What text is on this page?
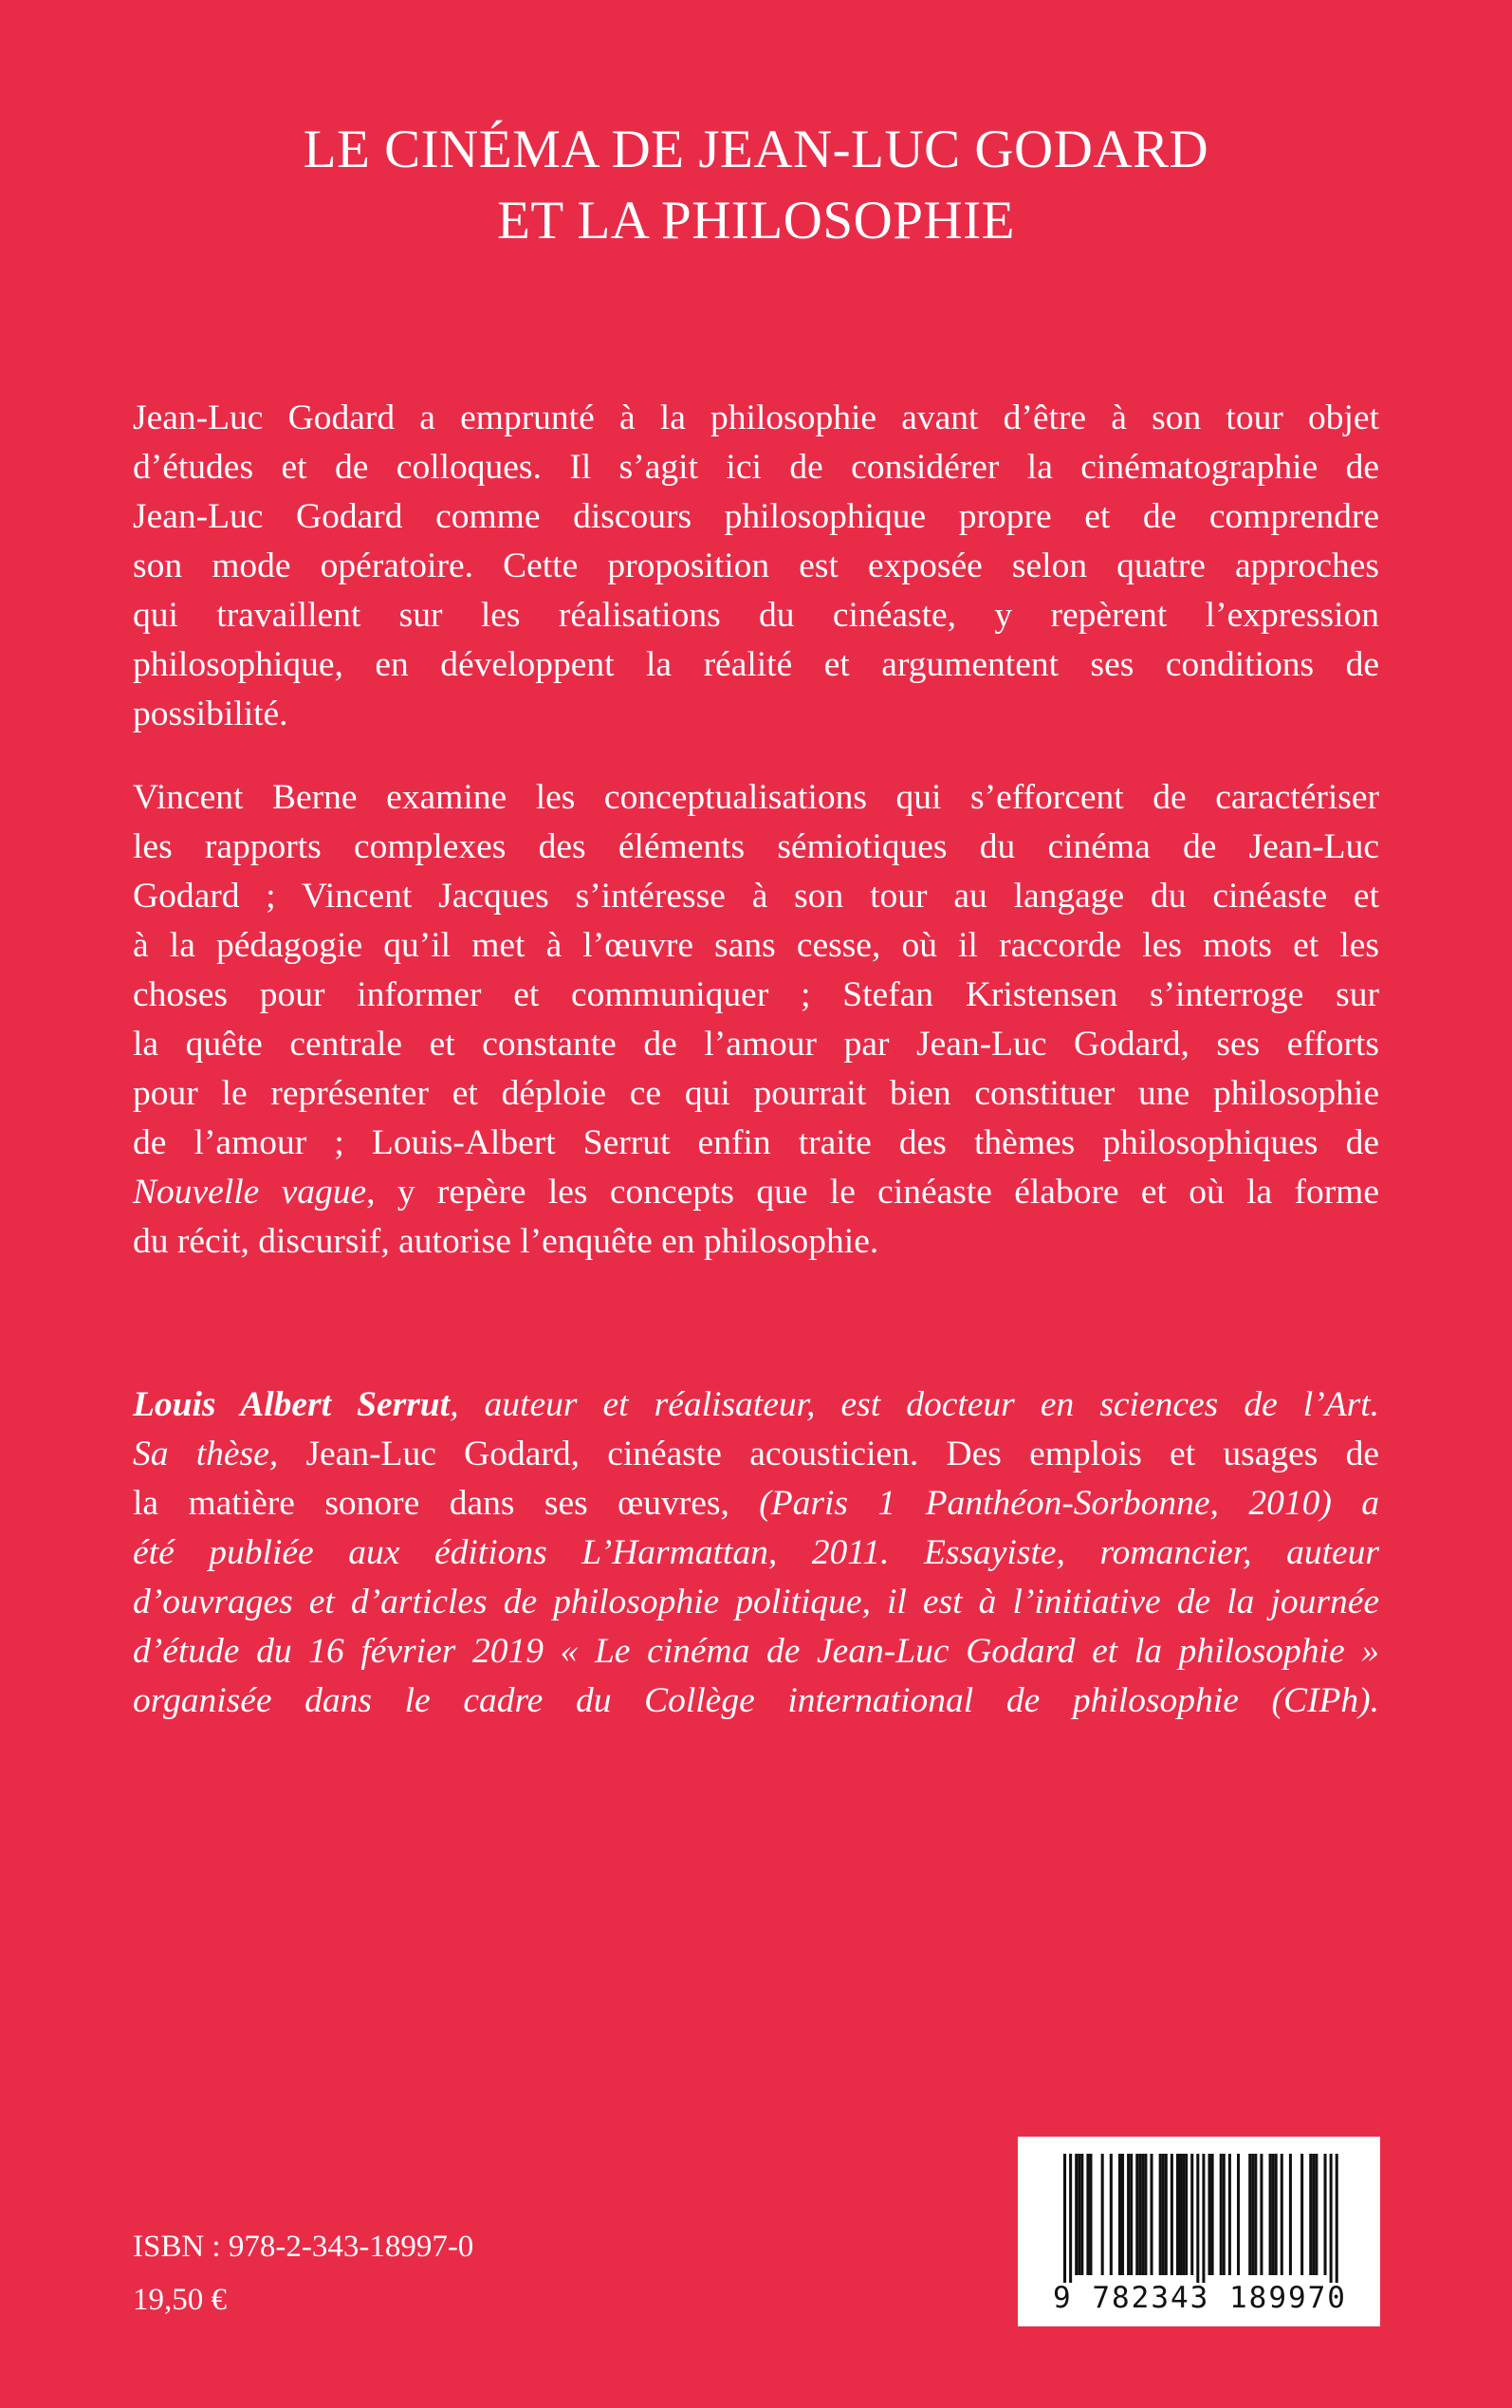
LE CINÉMA DE JEAN-LUC GODARD
ET LA PHILOSOPHIE
Jean-Luc Godard a emprunté à la philosophie avant d’être à son tour objet
d’études et de colloques. Il s’agit ici de considérer la cinématographie de
Jean-Luc Godard comme discours philosophique propre et de comprendre
son mode opératoire. Cette proposition est exposée selon quatre approches
qui travaillent sur les réalisations du cinéaste, y repèrent l’expression
philosophique, en développent la réalité et argumentent ses conditions de
possibilité.
Vincent Berne examine les conceptualisations qui s’efforcent de caractériser
les rapports complexes des éléments sémiotiques du cinéma de Jean-Luc
Godard ; Vincent Jacques s’intéresse à son tour au langage du cinéaste et
à la pédagogie qu’il met à l’œuvre sans cesse, où il raccorde les mots et les
choses pour informer et communiquer ; Stefan Kristensen s’interroge sur
la quête centrale et constante de l’amour par Jean-Luc Godard, ses efforts
pour le représenter et déploie ce qui pourrait bien constituer une philosophie
de l’amour ; Louis-Albert Serrut enfin traite des thèmes philosophiques de
Nouvelle vague, y repère les concepts que le cinéaste élabore et où la forme
du récit, discursif, autorise l’enquête en philosophie.
Louis Albert Serrut, auteur et réalisateur, est docteur en sciences de l’Art.
Sa thèse, Jean-Luc Godard, cinéaste acousticien. Des emplois et usages de
la matière sonore dans ses œuvres, (Paris 1 Panthéon-Sorbonne, 2010) a
été publiée aux éditions L’Harmattan, 2011. Essayiste, romancier, auteur
d’ouvrages et d’articles de philosophie politique, il est à l’initiative de la journée
d’étude du 16 février 2019 « Le cinéma de Jean-Luc Godard et la philosophie »
organisée dans le cadre du Collège international de philosophie (CIPh).

ISBN : 978-2-343-18997-0

19,50 €	9 782343 189970
